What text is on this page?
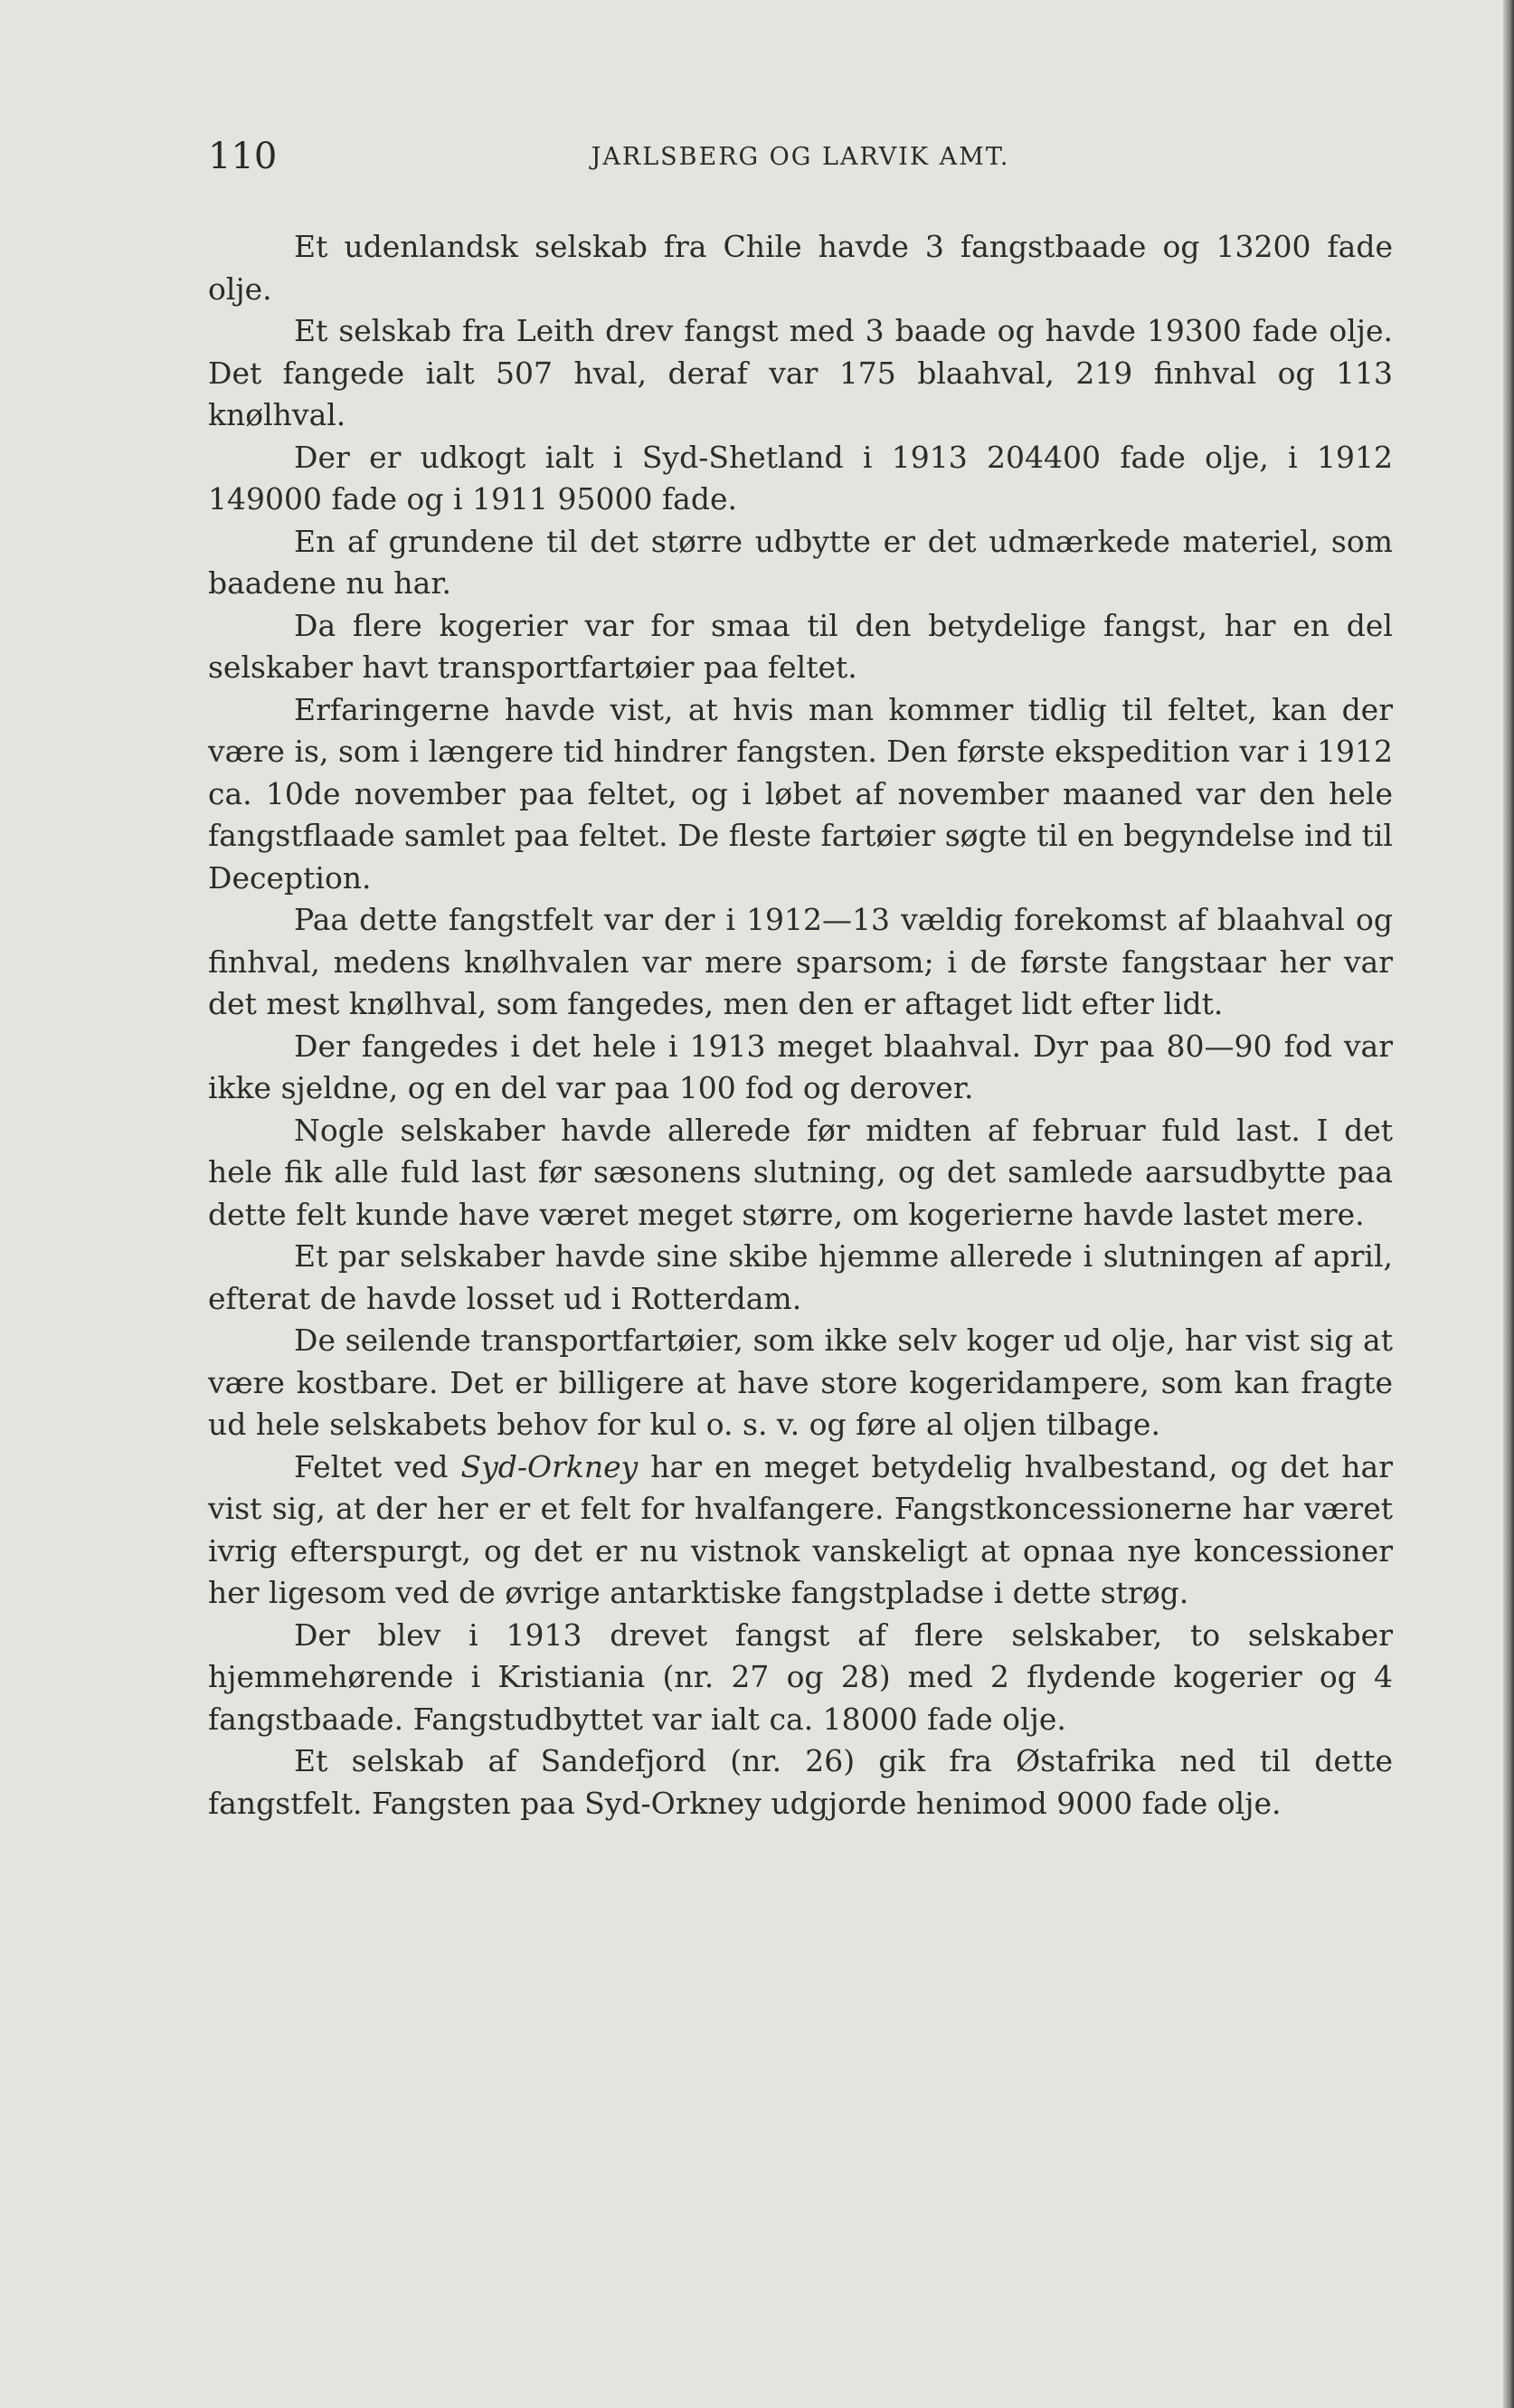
110	JARLSBERG OG LARVIK AMT.

Et udenlandsk selskab fra Chile havde 3 fangstbaade og 13200 fade olje.

Et selskab fra Leith drev fangst med 3 baade og havde 19300 fade olje. Det fangede ialt 507 hval, deraf var 175 blaahval, 219 finhval og 113 knølhval.

Der er udkogt ialt i Syd-Shetland i 1913 204400 fade olje, i 1912 149000 fade og i 1911 95000 fade.

En af grundene til det større udbytte er det udmærkede materiel, som baadene nu har.

Da flere kogerier var for smaa til den betydelige fangst, har en del selskaber havt transportfartøier paa feltet.

Erfaringerne havde vist, at hvis man kommer tidlig til feltet, kan der være is, som i længere tid hindrer fangsten. Den første ekspedition var i 1912 ca. 10de november paa feltet, og i løbet af november maaned var den hele fangstflaade samlet paa feltet. De fleste fartøier søgte til en begyndelse ind til Deception.

Paa dette fangstfelt var der i 1912—13 vældig forekomst af blaahval og finhval, medens knølhvalen var mere sparsom; i de første fangstaar her var det mest knølhval, som fangedes, men den er aftaget lidt efter lidt.

Der fangedes i det hele i 1913 meget blaahval. Dyr paa 80—90 fod var ikke sjeldne, og en del var paa 100 fod og derover.

Nogle selskaber havde allerede før midten af februar fuld last. I det hele fik alle fuld last før sæsonens slutning, og det samlede aarsudbytte paa dette felt kunde have været meget større, om kogerierne havde lastet mere.

Et par selskaber havde sine skibe hjemme allerede i slutningen af april, efterat de havde losset ud i Rotterdam.

De seilende transportfartøier, som ikke selv koger ud olje, har vist sig at være kostbare. Det er billigere at have store kogeridampere, som kan fragte ud hele selskabets behov for kul o. s. v. og føre al oljen tilbage.

Feltet ved Syd-Orkney har en meget betydelig hvalbestand, og det har vist sig, at der her er et felt for hvalfangere. Fangstkoncessionerne har været ivrig efterspurgt, og det er nu vistnok vanskeligt at opnaa nye koncessioner her ligesom ved de øvrige antarktiske fangstpladse i dette strøg.

Der blev i 1913 drevet fangst af flere selskaber, to selskaber hjemmehørende i Kristiania (nr. 27 og 28) med 2 flydende kogerier og 4 fangstbaade. Fangstudbyttet var ialt ca. 18000 fade olje.

Et selskab af Sandefjord (nr. 26) gik fra Østafrika ned til dette fangstfelt. Fangsten paa Syd-Orkney udgjorde henimod 9000 fade olje.
